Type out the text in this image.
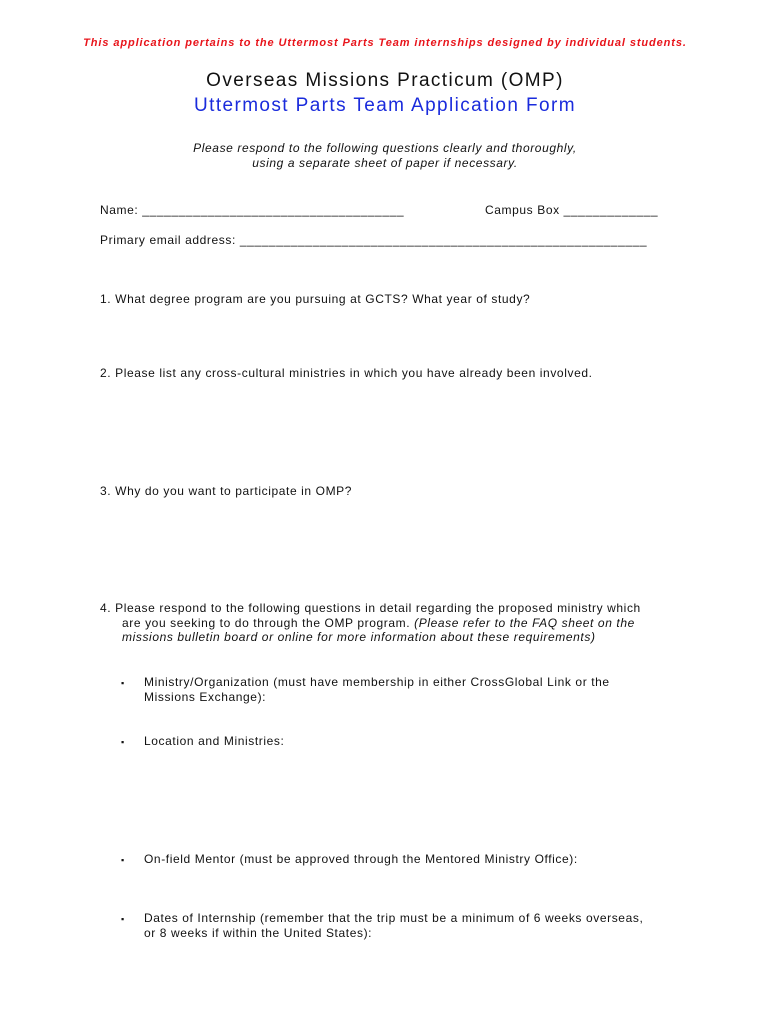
This application pertains to the Uttermost Parts Team internships designed by individual students.
Overseas Missions Practicum (OMP)
Uttermost Parts Team Application Form
Please respond to the following questions clearly and thoroughly,
using a separate sheet of paper if necessary.
Name: ____________________________________	Campus Box _____________
Primary email address: ________________________________________________________
1. What degree program are you pursuing at GCTS? What year of study?
2. Please list any cross-cultural ministries in which you have already been involved.
3. Why do you want to participate in OMP?
4. Please respond to the following questions in detail regarding the proposed ministry which
are you seeking to do through the OMP program. (Please refer to the FAQ sheet on the
missions bulletin board or online for more information about these requirements)
▪ Ministry/Organization (must have membership in either CrossGlobal Link or the
Missions Exchange):
▪ Location and Ministries:
▪ On-field Mentor (must be approved through the Mentored Ministry Office):
▪ Dates of Internship (remember that the trip must be a minimum of 6 weeks overseas,
or 8 weeks if within the United States):
